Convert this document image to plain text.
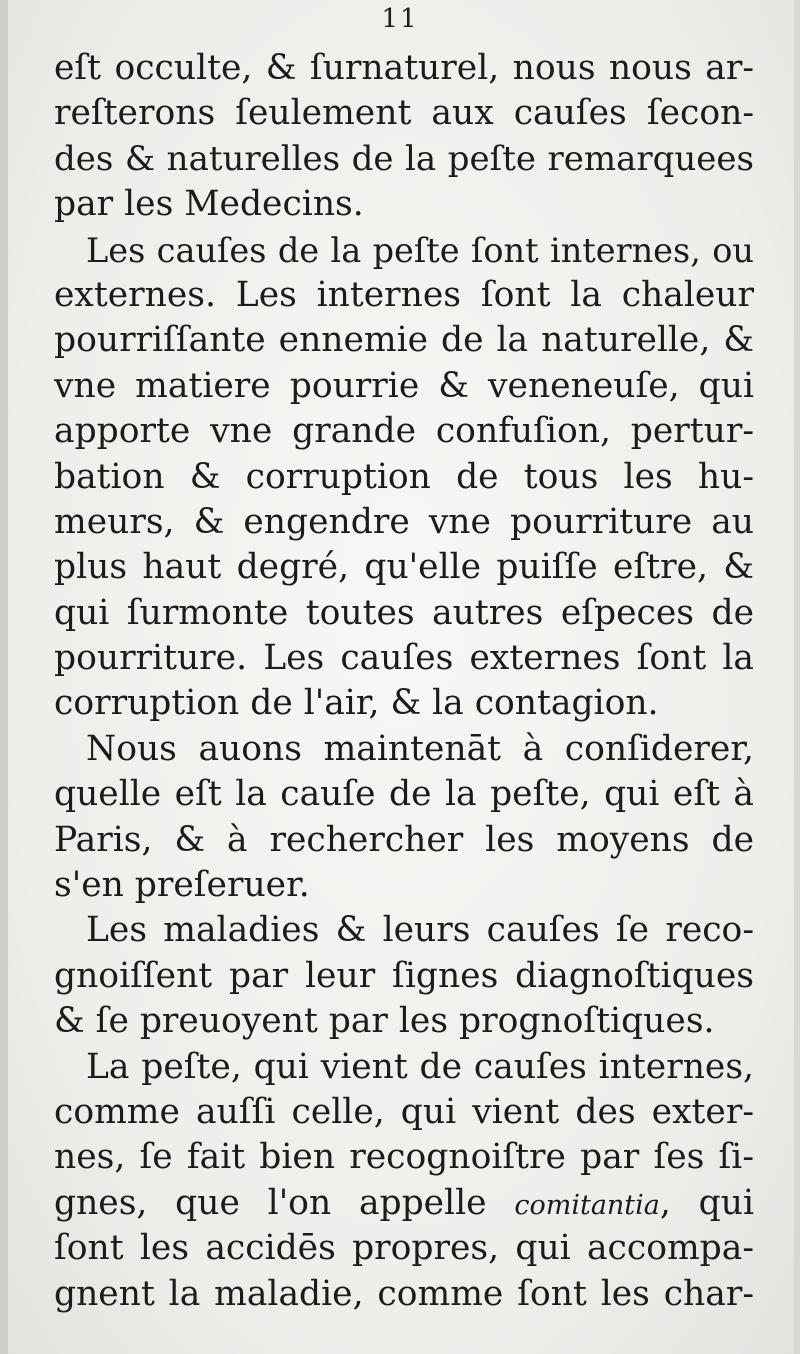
11
eſt occulte, & ſurnaturel, nous nous ar-
reſterons ſeulement aux cauſes ſecon-
des & naturelles de la peſte remarquees
par les Medecins.
Les cauſes de la peſte ſont internes, ou
externes. Les internes ſont la chaleur
pourriſſante ennemie de la naturelle, &
vne matiere pourrie & veneneuſe, qui
apporte vne grande confuſion, pertur-
bation & corruption de tous les hu-
meurs, & engendre vne pourriture au
plus haut degré, qu'elle puiſſe eſtre, &
qui ſurmonte toutes autres eſpeces de
pourriture. Les cauſes externes ſont la
corruption de l'air, & la contagion.
Nous auons maintenāt à conſiderer,
quelle eſt la cauſe de la peſte, qui eſt à
Paris, & à rechercher les moyens de
s'en preſeruer.
Les maladies & leurs cauſes ſe reco-
gnoiſſent par leur ſignes diagnoſtiques
& ſe preuoyent par les prognoſtiques.
La peſte, qui vient de cauſes internes,
comme auſſi celle, qui vient des exter-
nes, ſe fait bien recognoiſtre par ſes ſi-
gnes, que l'on appelle comitantia, qui
ſont les accidēs propres, qui accompa-
gnent la maladie, comme ſont les char-
